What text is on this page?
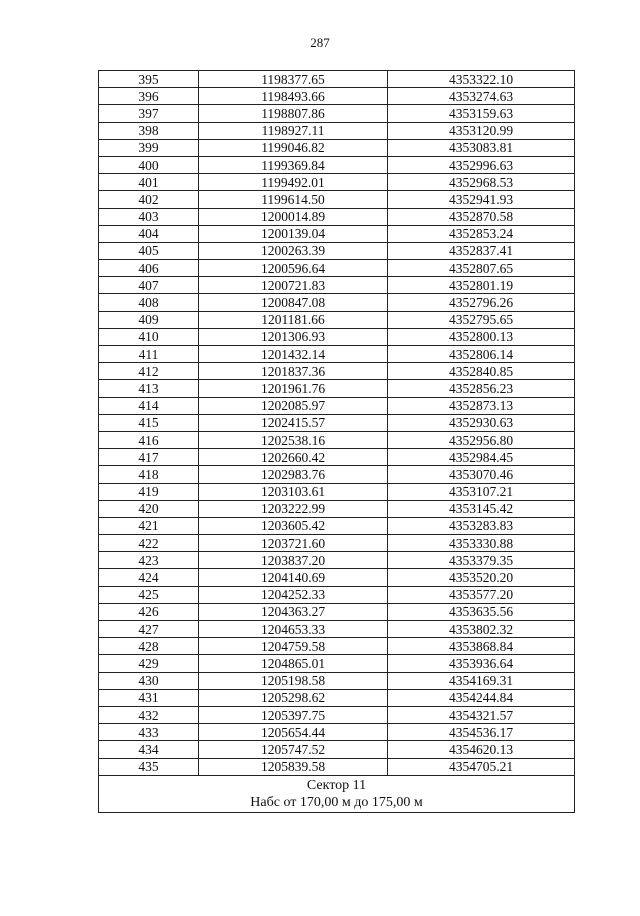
287
395	1198377.65	4353322.10
396	1198493.66	4353274.63
397	1198807.86	4353159.63
398	1198927.11	4353120.99
399	1199046.82	4353083.81
400	1199369.84	4352996.63
401	1199492.01	4352968.53
402	1199614.50	4352941.93
403	1200014.89	4352870.58
404	1200139.04	4352853.24
405	1200263.39	4352837.41
406	1200596.64	4352807.65
407	1200721.83	4352801.19
408	1200847.08	4352796.26
409	1201181.66	4352795.65
410	1201306.93	4352800.13
411	1201432.14	4352806.14
412	1201837.36	4352840.85
413	1201961.76	4352856.23
414	1202085.97	4352873.13
415	1202415.57	4352930.63
416	1202538.16	4352956.80
417	1202660.42	4352984.45
418	1202983.76	4353070.46
419	1203103.61	4353107.21
420	1203222.99	4353145.42
421	1203605.42	4353283.83
422	1203721.60	4353330.88
423	1203837.20	4353379.35
424	1204140.69	4353520.20
425	1204252.33	4353577.20
426	1204363.27	4353635.56
427	1204653.33	4353802.32
428	1204759.58	4353868.84
429	1204865.01	4353936.64
430	1205198.58	4354169.31
431	1205298.62	4354244.84
432	1205397.75	4354321.57
433	1205654.44	4354536.17
434	1205747.52	4354620.13
435	1205839.58	4354705.21

Сектор 11
Набс от 170,00 м до 175,00 м		
